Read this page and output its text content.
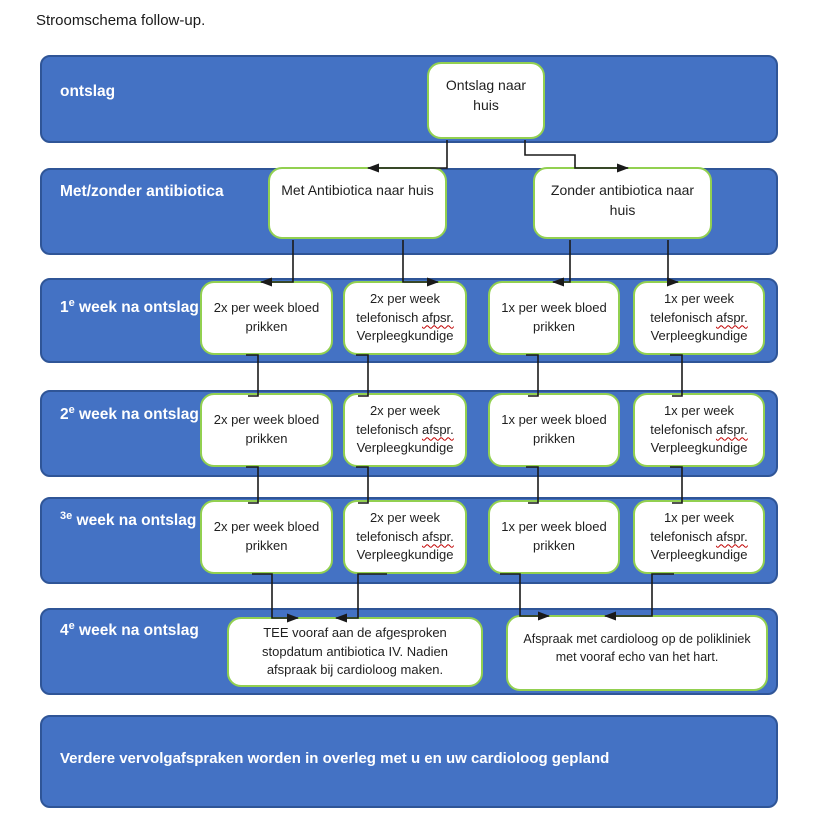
Stroomschema follow-up.
ontslag
Met/zonder antibiotica
1e week na ontslag
2e week na ontslag
$^{3e}$ week na ontslag
4e week na ontslag
Verdere vervolgafspraken worden in overleg met u en uw cardioloog gepland
Ontslag naar huis
Met Antibiotica naar huis	Zonder antibiotica naar huis
2x per week bloed prikken
2x per week
telefonisch afpsr.
Verpleegkundige
1x per week bloed prikken
1x per week
telefonisch afspr.
Verpleegkundige
2x per week bloed prikken
2x per week
telefonisch afspr.
Verpleegkundige
1x per week bloed prikken
1x per week
telefonisch afspr.
Verpleegkundige
2x per week bloed prikken
2x per week
telefonisch afspr.
Verpleegkundige
1x per week bloed prikken
1x per week
telefonisch afspr.
Verpleegkundige
TEE vooraf aan de afgesproken stopdatum antibiotica IV. Nadien afspraak bij cardioloog maken.
Afspraak met cardioloog op de polikliniek met vooraf echo van het hart.
